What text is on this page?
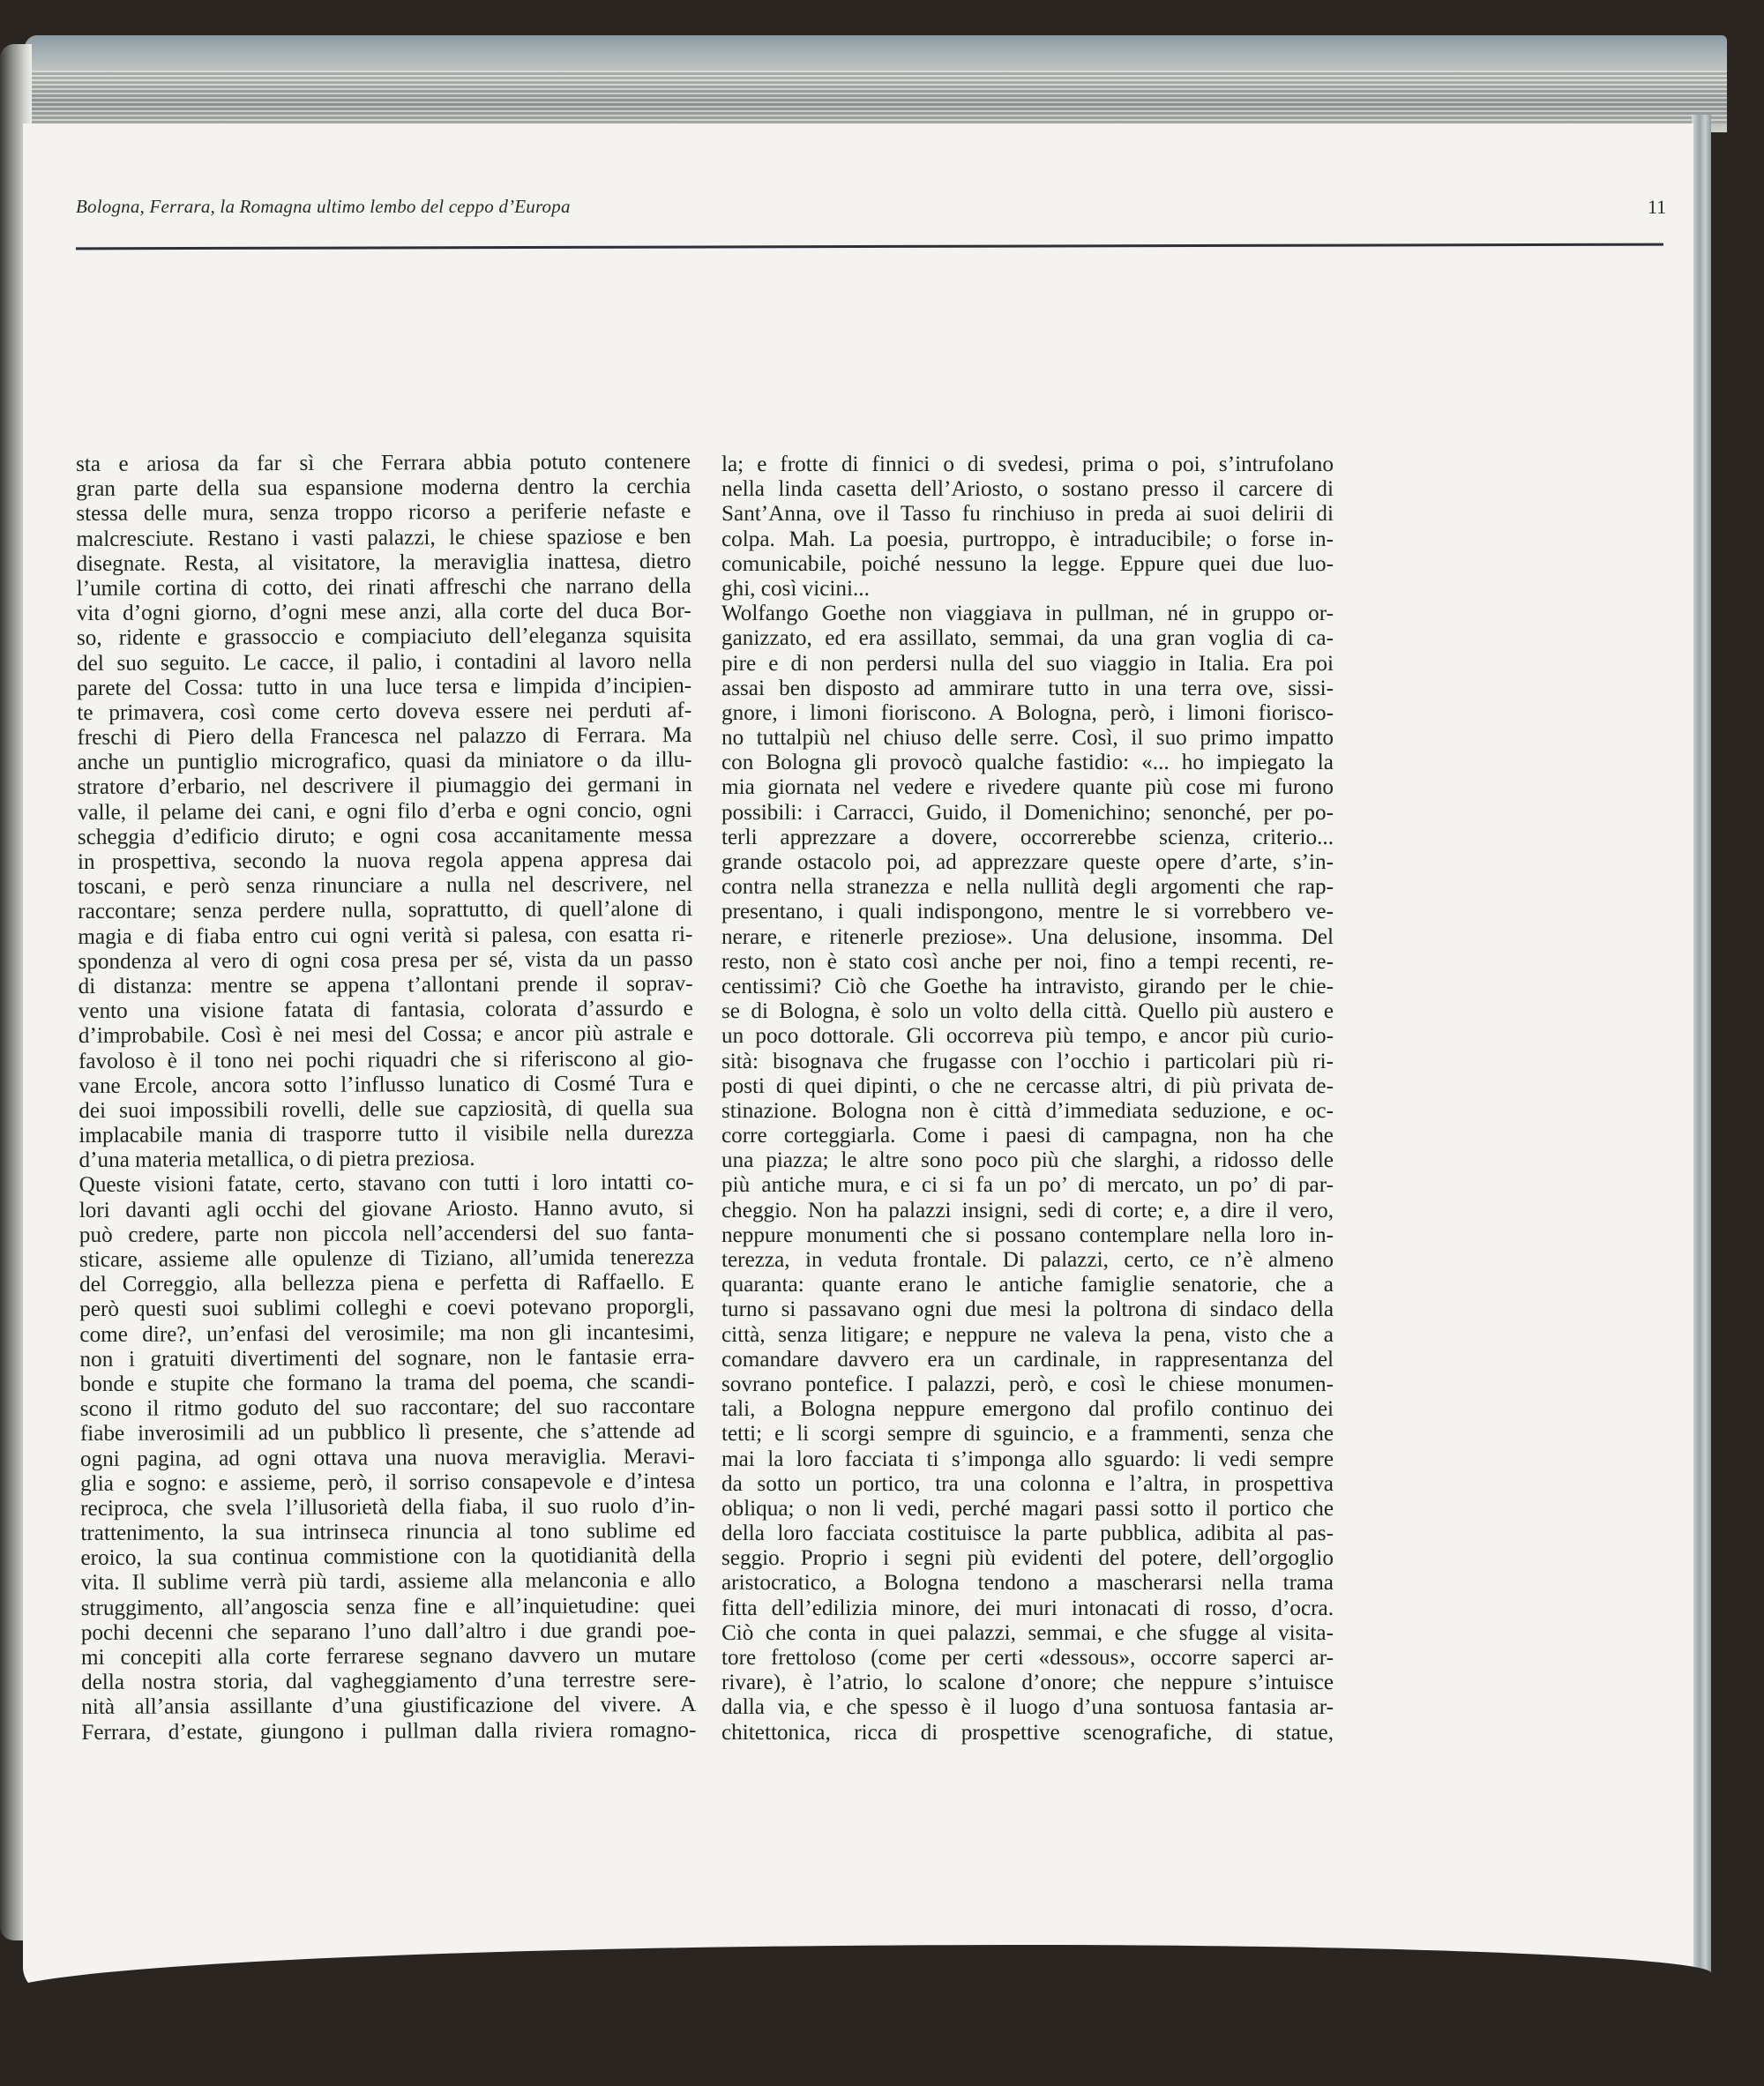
Bologna, Ferrara, la Romagna ultimo lembo del ceppo d’Europa	11
sta e ariosa da far sì che Ferrara abbia potuto contenere
gran parte della sua espansione moderna dentro la cerchia
stessa delle mura, senza troppo ricorso a periferie nefaste e
malcresciute. Restano i vasti palazzi, le chiese spaziose e ben
disegnate. Resta, al visitatore, la meraviglia inattesa, dietro
l’umile cortina di cotto, dei rinati affreschi che narrano della
vita d’ogni giorno, d’ogni mese anzi, alla corte del duca Bor-
so, ridente e grassoccio e compiaciuto dell’eleganza squisita
del suo seguito. Le cacce, il palio, i contadini al lavoro nella
parete del Cossa: tutto in una luce tersa e limpida d’incipien-
te primavera, così come certo doveva essere nei perduti af-
freschi di Piero della Francesca nel palazzo di Ferrara. Ma
anche un puntiglio micrografico, quasi da miniatore o da illu-
stratore d’erbario, nel descrivere il piumaggio dei germani in
valle, il pelame dei cani, e ogni filo d’erba e ogni concio, ogni
scheggia d’edificio diruto; e ogni cosa accanitamente messa
in prospettiva, secondo la nuova regola appena appresa dai
toscani, e però senza rinunciare a nulla nel descrivere, nel
raccontare; senza perdere nulla, soprattutto, di quell’alone di
magia e di fiaba entro cui ogni verità si palesa, con esatta ri-
spondenza al vero di ogni cosa presa per sé, vista da un passo
di distanza: mentre se appena t’allontani prende il soprav-
vento una visione fatata di fantasia, colorata d’assurdo e
d’improbabile. Così è nei mesi del Cossa; e ancor più astrale e
favoloso è il tono nei pochi riquadri che si riferiscono al gio-
vane Ercole, ancora sotto l’influsso lunatico di Cosmé Tura e
dei suoi impossibili rovelli, delle sue capziosità, di quella sua
implacabile mania di trasporre tutto il visibile nella durezza
d’una materia metallica, o di pietra preziosa.
Queste visioni fatate, certo, stavano con tutti i loro intatti co-
lori davanti agli occhi del giovane Ariosto. Hanno avuto, si
può credere, parte non piccola nell’accendersi del suo fanta-
sticare, assieme alle opulenze di Tiziano, all’umida tenerezza
del Correggio, alla bellezza piena e perfetta di Raffaello. E
però questi suoi sublimi colleghi e coevi potevano proporgli,
come dire?, un’enfasi del verosimile; ma non gli incantesimi,
non i gratuiti divertimenti del sognare, non le fantasie erra-
bonde e stupite che formano la trama del poema, che scandi-
scono il ritmo goduto del suo raccontare; del suo raccontare
fiabe inverosimili ad un pubblico lì presente, che s’attende ad
ogni pagina, ad ogni ottava una nuova meraviglia. Meravi-
glia e sogno: e assieme, però, il sorriso consapevole e d’intesa
reciproca, che svela l’illusorietà della fiaba, il suo ruolo d’in-
trattenimento, la sua intrinseca rinuncia al tono sublime ed
eroico, la sua continua commistione con la quotidianità della
vita. Il sublime verrà più tardi, assieme alla melanconia e allo
struggimento, all’angoscia senza fine e all’inquietudine: quei
pochi decenni che separano l’uno dall’altro i due grandi poe-
mi concepiti alla corte ferrarese segnano davvero un mutare
della nostra storia, dal vagheggiamento d’una terrestre sere-
nità all’ansia assillante d’una giustificazione del vivere. A
Ferrara, d’estate, giungono i pullman dalla riviera romagno-
la; e frotte di finnici o di svedesi, prima o poi, s’intrufolano
nella linda casetta dell’Ariosto, o sostano presso il carcere di
Sant’Anna, ove il Tasso fu rinchiuso in preda ai suoi delirii di
colpa. Mah. La poesia, purtroppo, è intraducibile; o forse in-
comunicabile, poiché nessuno la legge. Eppure quei due luo-
ghi, così vicini...
Wolfango Goethe non viaggiava in pullman, né in gruppo or-
ganizzato, ed era assillato, semmai, da una gran voglia di ca-
pire e di non perdersi nulla del suo viaggio in Italia. Era poi
assai ben disposto ad ammirare tutto in una terra ove, sissi-
gnore, i limoni fioriscono. A Bologna, però, i limoni fiorisco-
no tuttalpiù nel chiuso delle serre. Così, il suo primo impatto
con Bologna gli provocò qualche fastidio: «... ho impiegato la
mia giornata nel vedere e rivedere quante più cose mi furono
possibili: i Carracci, Guido, il Domenichino; senonché, per po-
terli apprezzare a dovere, occorrerebbe scienza, criterio...
grande ostacolo poi, ad apprezzare queste opere d’arte, s’in-
contra nella stranezza e nella nullità degli argomenti che rap-
presentano, i quali indispongono, mentre le si vorrebbero ve-
nerare, e ritenerle preziose». Una delusione, insomma. Del
resto, non è stato così anche per noi, fino a tempi recenti, re-
centissimi? Ciò che Goethe ha intravisto, girando per le chie-
se di Bologna, è solo un volto della città. Quello più austero e
un poco dottorale. Gli occorreva più tempo, e ancor più curio-
sità: bisognava che frugasse con l’occhio i particolari più ri-
posti di quei dipinti, o che ne cercasse altri, di più privata de-
stinazione. Bologna non è città d’immediata seduzione, e oc-
corre corteggiarla. Come i paesi di campagna, non ha che
una piazza; le altre sono poco più che slarghi, a ridosso delle
più antiche mura, e ci si fa un po’ di mercato, un po’ di par-
cheggio. Non ha palazzi insigni, sedi di corte; e, a dire il vero,
neppure monumenti che si possano contemplare nella loro in-
terezza, in veduta frontale. Di palazzi, certo, ce n’è almeno
quaranta: quante erano le antiche famiglie senatorie, che a
turno si passavano ogni due mesi la poltrona di sindaco della
città, senza litigare; e neppure ne valeva la pena, visto che a
comandare davvero era un cardinale, in rappresentanza del
sovrano pontefice. I palazzi, però, e così le chiese monumen-
tali, a Bologna neppure emergono dal profilo continuo dei
tetti; e li scorgi sempre di sguincio, e a frammenti, senza che
mai la loro facciata ti s’imponga allo sguardo: li vedi sempre
da sotto un portico, tra una colonna e l’altra, in prospettiva
obliqua; o non li vedi, perché magari passi sotto il portico che
della loro facciata costituisce la parte pubblica, adibita al pas-
seggio. Proprio i segni più evidenti del potere, dell’orgoglio
aristocratico, a Bologna tendono a mascherarsi nella trama
fitta dell’edilizia minore, dei muri intonacati di rosso, d’ocra.
Ciò che conta in quei palazzi, semmai, e che sfugge al visita-
tore frettoloso (come per certi «dessous», occorre saperci ar-
rivare), è l’atrio, lo scalone d’onore; che neppure s’intuisce
dalla via, e che spesso è il luogo d’una sontuosa fantasia ar-
chitettonica, ricca di prospettive scenografiche, di statue,
